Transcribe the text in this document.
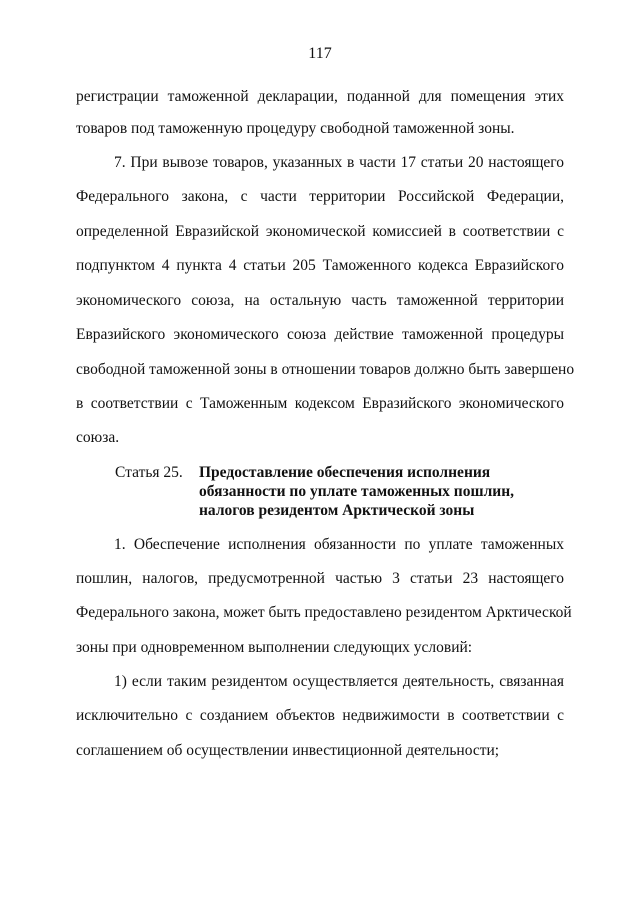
117
регистрации таможенной декларации, поданной для помещения этих
товаров под таможенную процедуру свободной таможенной зоны.
7. При вывозе товаров, указанных в части 17 статьи 20 настоящего
Федерального закона, с части территории Российской Федерации,
определенной Евразийской экономической комиссией в соответствии с
подпунктом 4 пункта 4 статьи 205 Таможенного кодекса Евразийского
экономического союза, на остальную часть таможенной территории
Евразийского экономического союза действие таможенной процедуры
свободной таможенной зоны в отношении товаров должно быть завершено
в соответствии с Таможенным кодексом Евразийского экономического
союза.
Статья 25. Предоставление обеспечения исполнения обязанности по уплате таможенных пошлин, налогов резидентом Арктической зоны
1. Обеспечение исполнения обязанности по уплате таможенных
пошлин, налогов, предусмотренной частью 3 статьи 23 настоящего
Федерального закона, может быть предоставлено резидентом Арктической
зоны при одновременном выполнении следующих условий:
1) если таким резидентом осуществляется деятельность, связанная
исключительно с созданием объектов недвижимости в соответствии с
соглашением об осуществлении инвестиционной деятельности;
